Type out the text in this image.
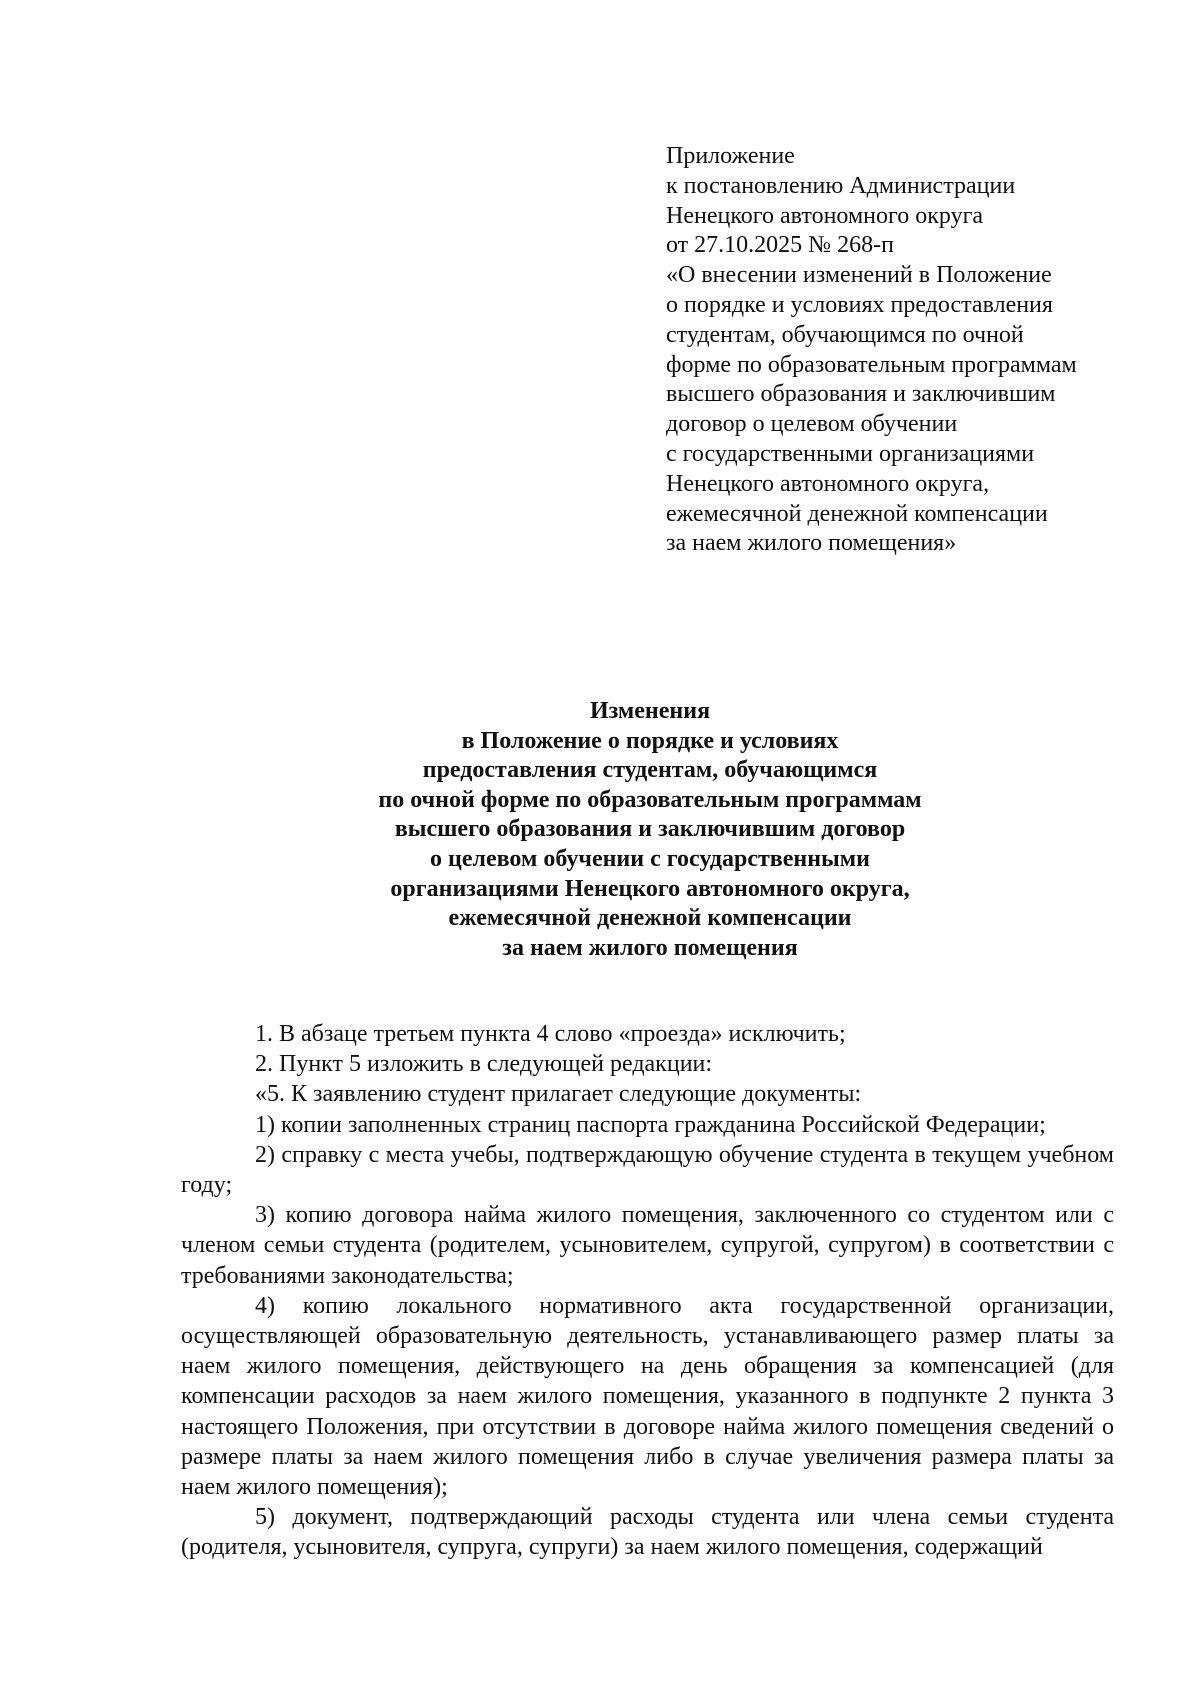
Приложение
к постановлению Администрации
Ненецкого автономного округа
от 27.10.2025 № 268-п
«О внесении изменений в Положение
о порядке и условиях предоставления
студентам, обучающимся по очной
форме по образовательным программам
высшего образования и заключившим
договор о целевом обучении
с государственными организациями
Ненецкого автономного округа,
ежемесячной денежной компенсации
за наем жилого помещения»
Изменения
в Положение о порядке и условиях
предоставления студентам, обучающимся
по очной форме по образовательным программам
высшего образования и заключившим договор
о целевом обучении с государственными
организациями Ненецкого автономного округа,
ежемесячной денежной компенсации
за наем жилого помещения

1. В абзаце третьем пункта 4 слово «проезда» исключить;

2. Пункт 5 изложить в следующей редакции:

«5. К заявлению студент прилагает следующие документы:

1) копии заполненных страниц паспорта гражданина Российской Федерации;

2) справку с места учебы, подтверждающую обучение студента в текущем учебном году;

3) копию договора найма жилого помещения, заключенного со студентом или с членом семьи студента (родителем, усыновителем, супругой, супругом) в соответствии с требованиями законодательства;

4) копию локального нормативного акта государственной организации, осуществляющей образовательную деятельность, устанавливающего размер платы за наем жилого помещения, действующего на день обращения за компенсацией (для компенсации расходов за наем жилого помещения, указанного в подпункте 2 пункта 3 настоящего Положения, при отсутствии в договоре найма жилого помещения сведений о размере платы за наем жилого помещения либо в случае увеличения размера платы за наем жилого помещения);

5) документ, подтверждающий расходы студента или члена семьи студента (родителя, усыновителя, супруга, супруги) за наем жилого помещения, содержащий
